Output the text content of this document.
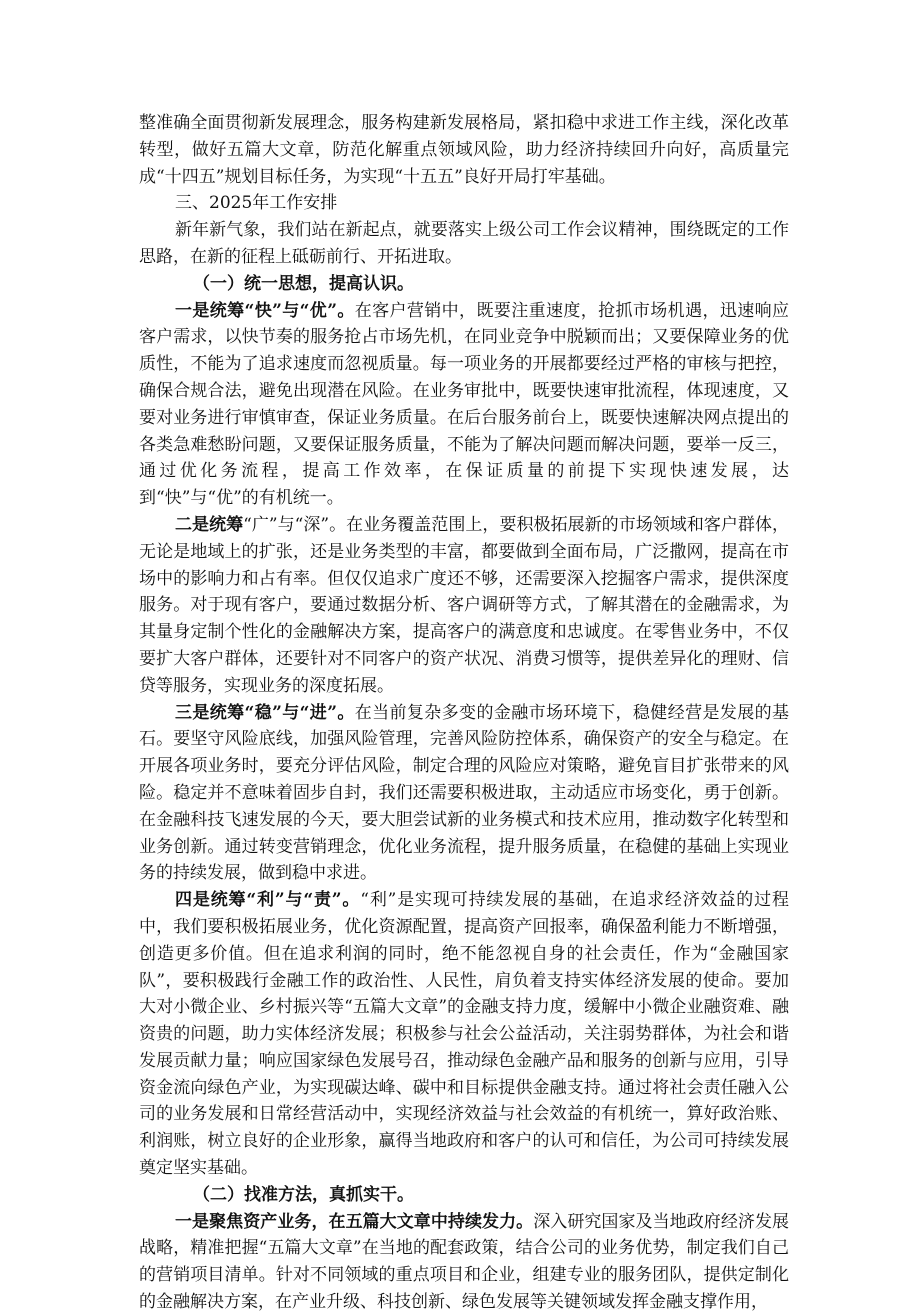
整准确全面贯彻新发展理念，服务构建新发展格局，紧扣稳中求进工作主线，深化改革转型，做好五篇大文章，防范化解重点领域风险，助力经济持续回升向好，高质量完成“十四五”规划目标任务，为实现“十五五”良好开局打牢基础。

三、2025年工作安排

新年新气象，我们站在新起点，就要落实上级公司工作会议精神，围绕既定的工作思路，在新的征程上砥砺前行、开拓进取。

（一）统一思想，提高认识。

一是统筹“快”与“优”。在客户营销中，既要注重速度，抢抓市场机遇，迅速响应客户需求，以快节奏的服务抢占市场先机，在同业竞争中脱颖而出；又要保障业务的优质性，不能为了追求速度而忽视质量。每一项业务的开展都要经过严格的审核与把控，确保合规合法，避免出现潜在风险。在业务审批中，既要快速审批流程，体现速度，又要对业务进行审慎审查，保证业务质量。在后台服务前台上，既要快速解决网点提出的各类急难愁盼问题，又要保证服务质量，不能为了解决问题而解决问题，要举一反三，通过优化务流程，提高工作效率，在保证质量的前提下实现快速发展，达到“快”与“优”的有机统一。

二是统筹“广”与“深”。在业务覆盖范围上，要积极拓展新的市场领域和客户群体，无论是地域上的扩张，还是业务类型的丰富，都要做到全面布局，广泛撒网，提高在市场中的影响力和占有率。但仅仅追求广度还不够，还需要深入挖掘客户需求，提供深度服务。对于现有客户，要通过数据分析、客户调研等方式，了解其潜在的金融需求，为其量身定制个性化的金融解决方案，提高客户的满意度和忠诚度。在零售业务中，不仅要扩大客户群体，还要针对不同客户的资产状况、消费习惯等，提供差异化的理财、信贷等服务，实现业务的深度拓展。

三是统筹“稳”与“进”。在当前复杂多变的金融市场环境下，稳健经营是发展的基石。要坚守风险底线，加强风险管理，完善风险防控体系，确保资产的安全与稳定。在开展各项业务时，要充分评估风险，制定合理的风险应对策略，避免盲目扩张带来的风险。稳定并不意味着固步自封，我们还需要积极进取，主动适应市场变化，勇于创新。在金融科技飞速发展的今天，要大胆尝试新的业务模式和技术应用，推动数字化转型和业务创新。通过转变营销理念，优化业务流程，提升服务质量，在稳健的基础上实现业务的持续发展，做到稳中求进。

四是统筹“利”与“责”。“利”是实现可持续发展的基础，在追求经济效益的过程中，我们要积极拓展业务，优化资源配置，提高资产回报率，确保盈利能力不断增强，创造更多价值。但在追求利润的同时，绝不能忽视自身的社会责任，作为“金融国家队”，要积极践行金融工作的政治性、人民性，肩负着支持实体经济发展的使命。要加大对小微企业、乡村振兴等“五篇大文章”的金融支持力度，缓解中小微企业融资难、融资贵的问题，助力实体经济发展；积极参与社会公益活动，关注弱势群体，为社会和谐发展贡献力量；响应国家绿色发展号召，推动绿色金融产品和服务的创新与应用，引导资金流向绿色产业，为实现碳达峰、碳中和目标提供金融支持。通过将社会责任融入公司的业务发展和日常经营活动中，实现经济效益与社会效益的有机统一，算好政治账、利润账，树立良好的企业形象，赢得当地政府和客户的认可和信任，为公司可持续发展奠定坚实基础。

（二）找准方法，真抓实干。

一是聚焦资产业务，在五篇大文章中持续发力。深入研究国家及当地政府经济发展战略，精准把握“五篇大文章”在当地的配套政策，结合公司的业务优势，制定我们自己的营销项目清单。针对不同领域的重点项目和企业，组建专业的服务团队，提供定制化的金融解决方案，在产业升级、科技创新、绿色发展等关键领域发挥金融支撑作用，
